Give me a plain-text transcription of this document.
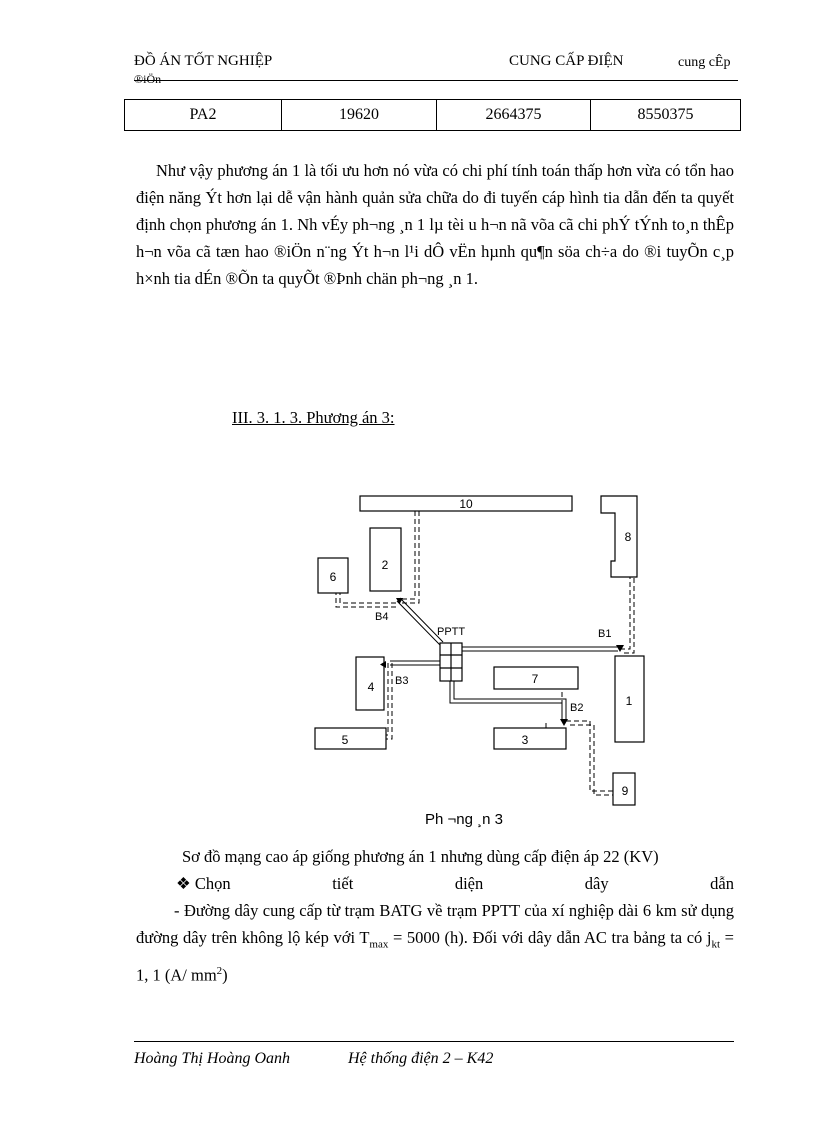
ĐỒ ÁN TỐT NGHIỆP	CUNG CẤP ĐIỆN	cung cÊp
®iÖn
PA2	19620	2664375	8550375

Như vậy phương án 1 là tối ưu hơn nó vừa có chi phí tính toán thấp hơn vừa có tổn hao điện năng Ýt hơn lại dễ vận hành quản sửa chữa do đi tuyến cáp hình tia dẫn đến ta quyết định chọn phương án 1. Nh vÉy ph¬ng ¸n 1 lµ tèi u h¬n nã võa cã chi phÝ tÝnh to¸n thÊp h¬n võa cã tæn hao ®iÖn n¨ng Ýt h¬n l¹i dÔ vËn hµnh qu¶n söa ch÷a do ®i tuyÕn c¸p h×nh tia dÉn ®Õn ta quyÕt ®Þnh chän ph¬ng ¸n 1.

III. 3. 1. 3. Phương án 3:
10
8
6
2
4
1
7
5	3
9
B4
PPTT	B1
B3
B2
Ph ¬ng ¸n 3
Sơ đồ mạng cao áp giống phương án 1 nhưng dùng cấp điện áp 22 (KV)
❖ Chọn	tiết	diện	dây	dẫn
- Đường dây cung cấp từ trạm BATG về trạm PPTT của xí nghiệp dài 6 km sử dụng đường dây trên không lộ kép với $T_{max} = 5000$ (h). Đối với dây dẫn AC tra bảng ta có $j_{kt} = 1$, 1 (A/ $mm^2$)
Hoàng Thị Hoàng Oanh	Hệ thống điện 2 – K42
